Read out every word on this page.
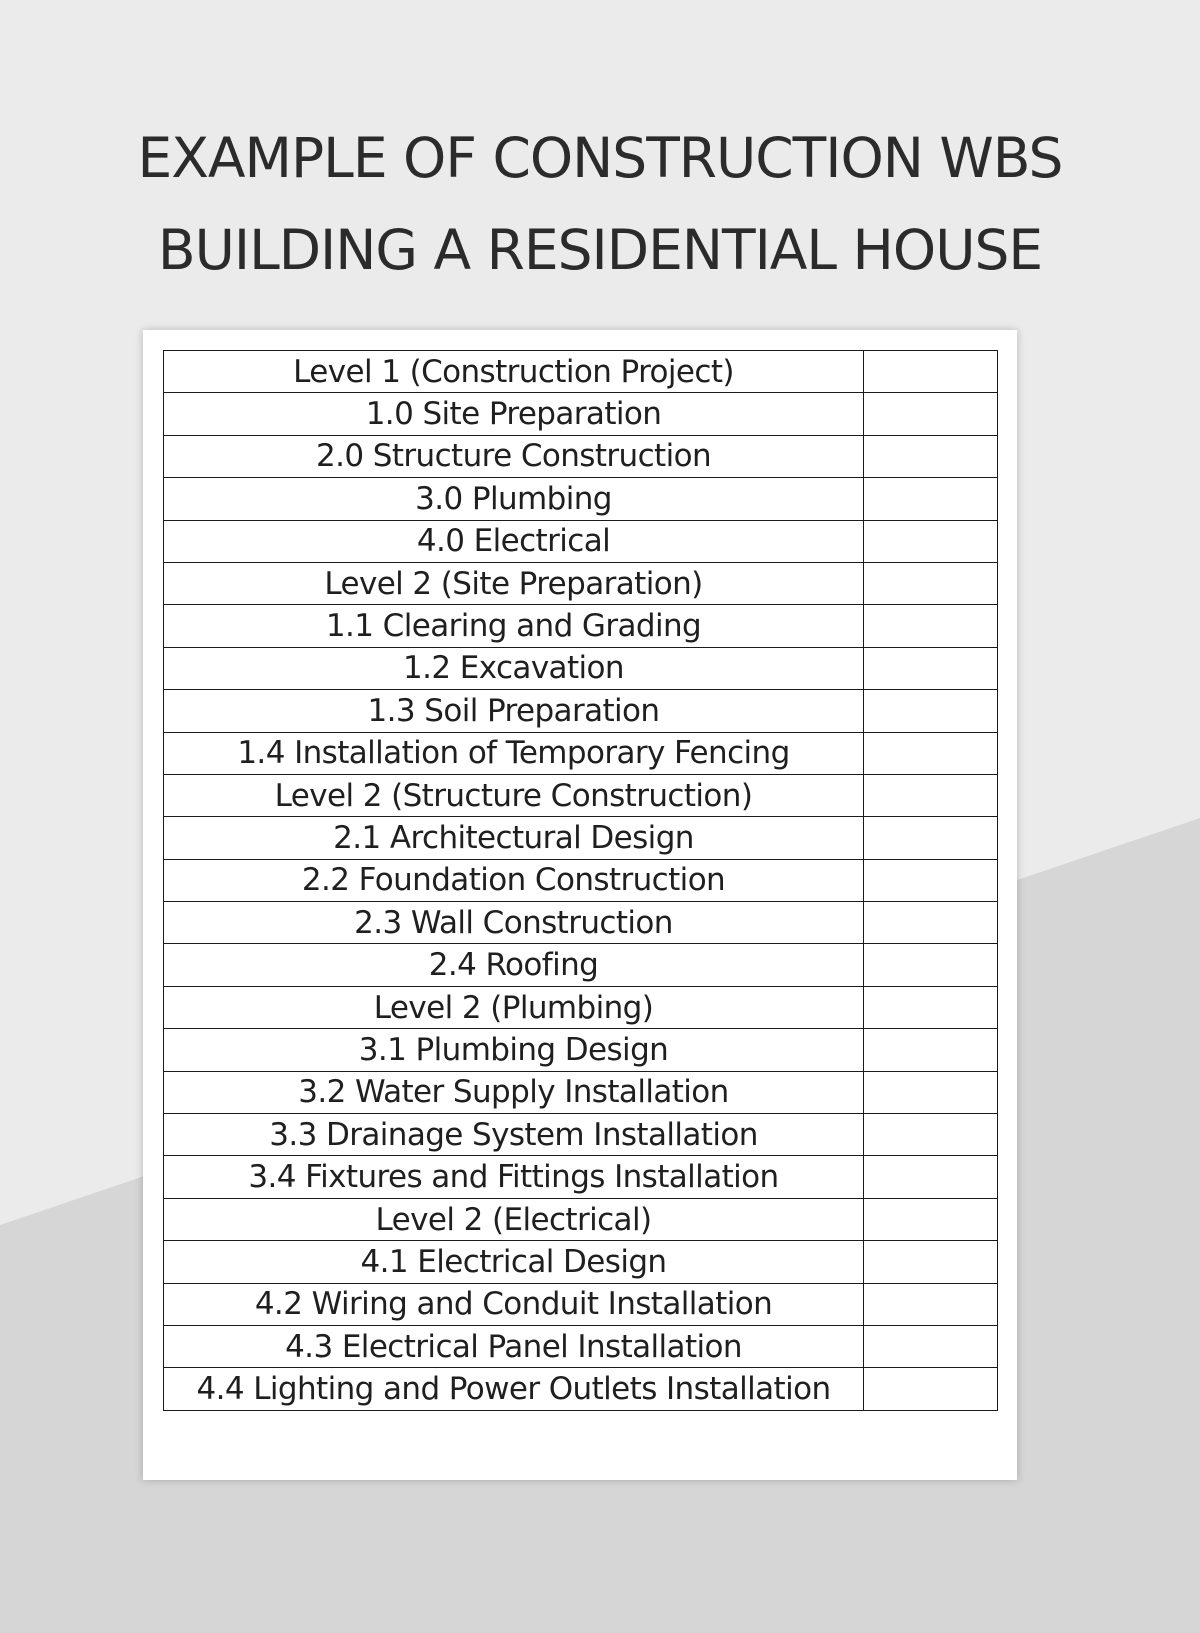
EXAMPLE OF CONSTRUCTION WBS
BUILDING A RESIDENTIAL HOUSE
Level 1 (Construction Project)	
1.0 Site Preparation	
2.0 Structure Construction	
3.0 Plumbing	
4.0 Electrical	
Level 2 (Site Preparation)	
1.1 Clearing and Grading	
1.2 Excavation	
1.3 Soil Preparation	
1.4 Installation of Temporary Fencing	
Level 2 (Structure Construction)	
2.1 Architectural Design	
2.2 Foundation Construction	
2.3 Wall Construction	
2.4 Roofing	
Level 2 (Plumbing)	
3.1 Plumbing Design	
3.2 Water Supply Installation	
3.3 Drainage System Installation	
3.4 Fixtures and Fittings Installation	
Level 2 (Electrical)	
4.1 Electrical Design	
4.2 Wiring and Conduit Installation	
4.3 Electrical Panel Installation	
4.4 Lighting and Power Outlets Installation	
